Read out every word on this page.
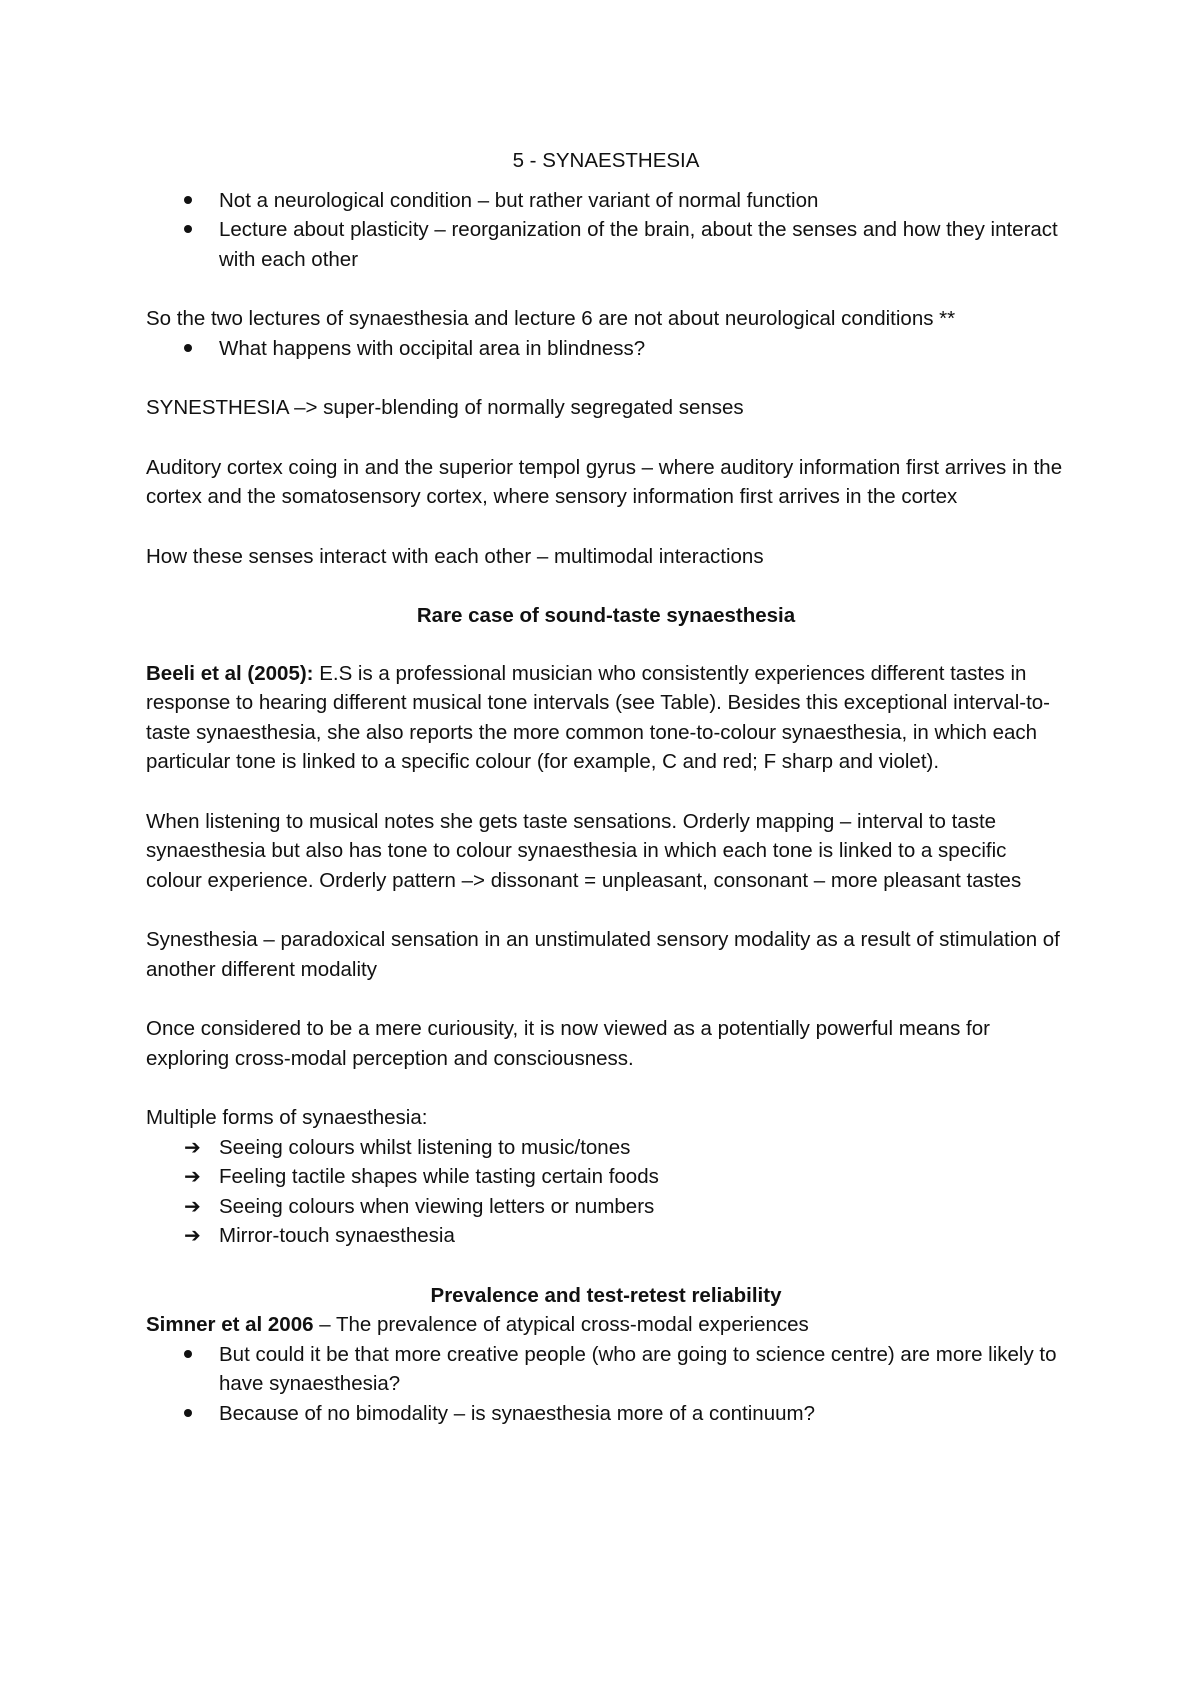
5 - SYNAESTHESIA
Not a neurological condition – but rather variant of normal function
Lecture about plasticity – reorganization of the brain, about the senses and how they interact with each other

So the two lectures of synaesthesia and lecture 6 are not about neurological conditions **

What happens with occipital area in blindness?

SYNESTHESIA –> super-blending of normally segregated senses

Auditory cortex coing in and the superior tempol gyrus – where auditory information first arrives in the cortex and the somatosensory cortex, where sensory information first arrives in the cortex

How these senses interact with each other – multimodal interactions

Rare case of sound-taste synaesthesia

Beeli et al (2005): E.S is a professional musician who consistently experiences different tastes in response to hearing different musical tone intervals (see Table). Besides this exceptional interval-to-taste synaesthesia, she also reports the more common tone-to-colour synaesthesia, in which each particular tone is linked to a specific colour (for example, C and red; F sharp and violet).

When listening to musical notes she gets taste sensations. Orderly mapping – interval to taste synaesthesia but also has tone to colour synaesthesia in which each tone is linked to a specific colour experience. Orderly pattern –> dissonant = unpleasant, consonant – more pleasant tastes

Synesthesia – paradoxical sensation in an unstimulated sensory modality as a result of stimulation of another different modality

Once considered to be a mere curiousity, it is now viewed as a potentially powerful means for exploring cross-modal perception and consciousness.

Multiple forms of synaesthesia:

➔ Seeing colours whilst listening to music/tones
➔ Feeling tactile shapes while tasting certain foods
➔ Seeing colours when viewing letters or numbers
➔ Mirror-touch synaesthesia
Prevalence and test-retest reliability

Simner et al 2006 – The prevalence of atypical cross-modal experiences

But could it be that more creative people (who are going to science centre) are more likely to have synaesthesia?
Because of no bimodality – is synaesthesia more of a continuum?
